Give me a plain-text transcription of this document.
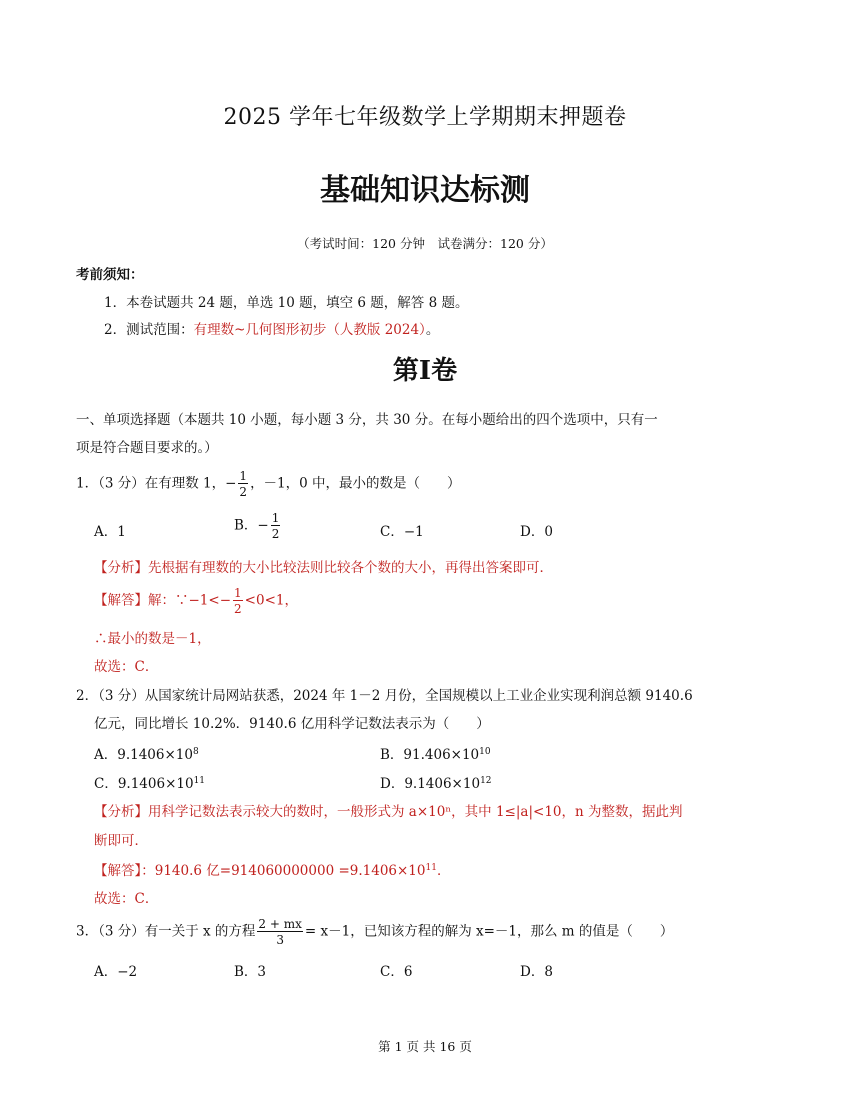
2025 学年七年级数学上学期期末押题卷
基础知识达标测
（考试时间：120 分钟　试卷满分：120 分）
考前须知：
1．本卷试题共 24 题，单选 10 题，填空 6 题，解答 8 题。
2．测试范围：有理数~几何图形初步（人教版 2024）。
第Ⅰ卷
一、单项选择题（本题共 10 小题，每小题 3 分，共 30 分。在每小题给出的四个选项中，只有一
项是符合题目要求的。）
1．（3 分）在有理数 1，− $\frac{1}{2}$ ，－1，0 中，最小的数是（　　）
A．1	B．− $\frac{1}{2}$	C．−1	D．0
【分析】先根据有理数的大小比较法则比较各个数的大小，再得出答案即可．
【解答】解：∵−1<− $\frac{1}{2} <0<1$，
∴最小的数是－1，
故选：C．
2．（3 分）从国家统计局网站获悉，2024 年 1－2 月份，全国规模以上工业企业实现利润总额 9140.6
亿元，同比增长 10.2%．9140.6 亿用科学记数法表示为（　　）
A．$9.1406\times 10^8$	B．$91.406\times 10^{10}$
C．$9.1406\times 10^{11}$	D．$9.1406\times 10^{12}$
【分析】用科学记数法表示较大的数时，一般形式为 a×10ⁿ，其中 1≤|a|<10，n 为整数，据此判
断即可．
【解答】：9140.6 亿$=914060000000 =9.1406\times 10^{11}$．
故选：C．
3．（3 分）有一关于 x 的方程 $\frac{2 + mx}{3} = x-1$，已知该方程的解为 x=－1，那么 m 的值是（　　）
A．−2	B．3	C．6	D．8
第 1 页 共 16 页
